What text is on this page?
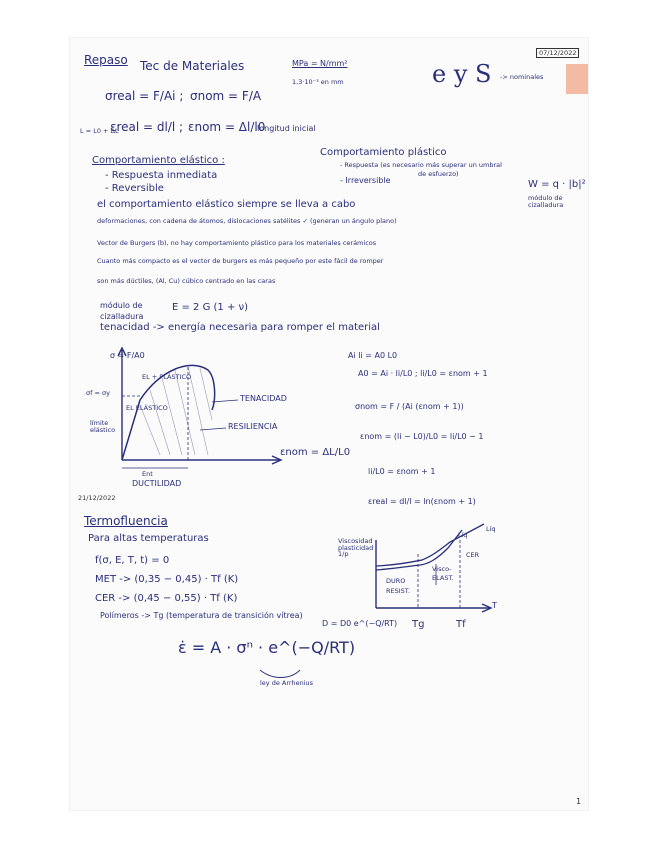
Repaso Tec de Materiales	MPa = N/mm²
1,3·10⁻³ en mm	e y S -> nominales
07/12/2022
σreal = F/Ai ; σnom = F/A
L = L0 + ΔL
εreal = dl/l ; εnom = Δl/l0
longitud inicial
Comportamiento elástico :
- Respuesta inmediata
- Reversible
Comportamiento plástico
- Respuesta (es necesario más superar un umbral
de esfuerzo)
- Irreversible	W = q · |b|²
módulo de cizalladura
el comportamiento elástico siempre se lleva a cabo
deformaciones, con cadena de átomos, dislocaciones satélites ✓ (generan un ángulo plano)
Vector de Burgers (b), no hay comportamiento plástico para los materiales cerámicos
Cuanto más compacto es el vector de burgers es más pequeño por este fácil de romper
son más dúctiles, (Al, Cu) cúbico centrado en las caras
módulo de
cizalladura
E = 2 G (1 + ν)
tenacidad -> energía necesaria para romper el material
σ = F/A0
σf = σy
límite elástico
EL + PLÁSTICO
EL ELÁSTICO
TENACIDAD
RESILIENCIA
εnom = ΔL/L0
Ent
DUCTILIDAD
Ai li = A0 L0
A0 = Ai · li/L0 ; li/L0 = εnom + 1
σnom = F / (Ai (εnom + 1))
εnom = (li − L0)/L0 = li/L0 − 1
li/L0 = εnom + 1
εreal = dl/l = ln(εnom + 1)
21/12/2022
Termofluencia
Para altas temperaturas
f(σ, E, T, t) = 0
MET -> (0,35 − 0,45) · Tf (K)
CER -> (0,45 − 0,55) · Tf (K)
Polímeros -> Tg (temperatura de transición vítrea)
ε̇ = A · σⁿ · e^(−Q/RT)
D = D0 e^(−Q/RT)
ley de Arrhenius
Viscosidad plasticidad 1/p
Líq
Líq
CER
DURO
RESIST.
Visco-
ELAST.
Tg	Tf
T
1
